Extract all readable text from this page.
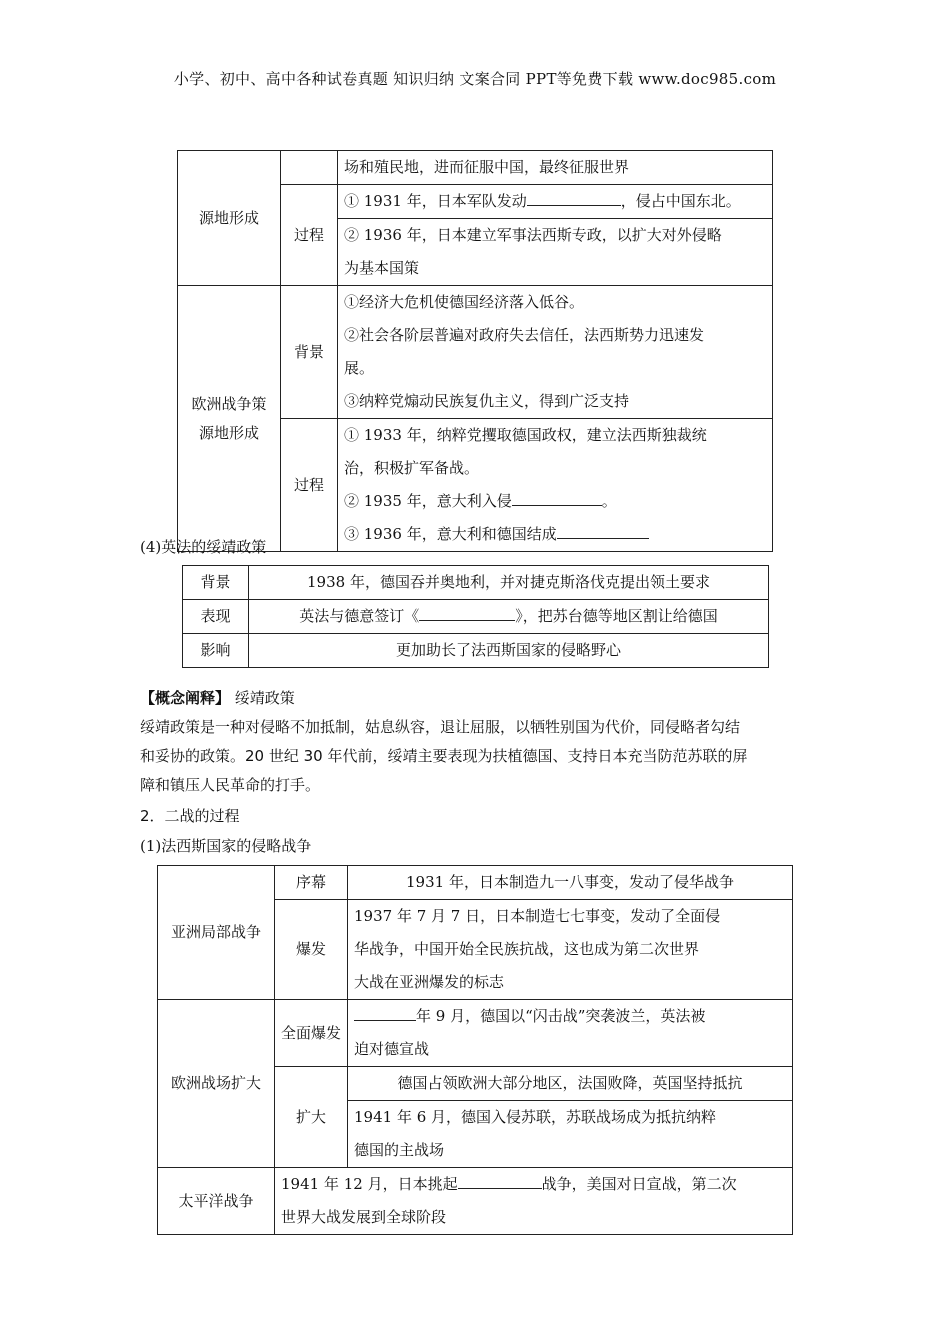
小学、初中、高中各种试卷真题 知识归纳 文案合同 PPT等免费下载 www.doc985.com
源地形成		场和殖民地，进而征服中国，最终征服世界
	过程	① 1931 年，日本军队发动 ，侵占中国东北。
		② 1936 年，日本建立军事法西斯专政，以扩大对外侵略
		为基本国策
欧洲战争策
源地形成	背景	①经济大危机使德国经济落入低谷。
		②社会各阶层普遍对政府失去信任，法西斯势力迅速发
		展。
		③纳粹党煽动民族复仇主义，得到广泛支持
	过程	① 1933 年，纳粹党攫取德国政权，建立法西斯独裁统
		治，积极扩军备战。
		② 1935 年，意大利入侵 。
		③ 1936 年，意大利和德国结成
(4)英法的绥靖政策
背景	1938 年，德国吞并奥地利，并对捷克斯洛伐克提出领土要求
表现	英法与德意签订《 》，把苏台德等地区割让给德国
影响	更加助长了法西斯国家的侵略野心

【概念阐释】 绥靖政策

绥靖政策是一种对侵略不加抵制，姑息纵容，退让屈服，以牺牲别国为代价，同侵略者勾结

和妥协的政策。20 世纪 30 年代前，绥靖主要表现为扶植德国、支持日本充当防范苏联的屏

障和镇压人民革命的打手。

2．二战的过程
(1)法西斯国家的侵略战争
亚洲局部战争	序幕	1931 年，日本制造九一八事变，发动了侵华战争
	爆发	1937 年 7 月 7 日，日本制造七七事变，发动了全面侵
		华战争，中国开始全民族抗战，这也成为第二次世界
		大战在亚洲爆发的标志
欧洲战场扩大	全面爆发	年 9 月，德国以“闪击战”突袭波兰，英法被
		迫对德宣战
	扩大	德国占领欧洲大部分地区，法国败降，英国坚持抵抗
		1941 年 6 月，德国入侵苏联，苏联战场成为抵抗纳粹
		德国的主战场
太平洋战争	1941 年 12 月，日本挑起 战争，美国对日宣战，第二次	
	世界大战发展到全球阶段	
